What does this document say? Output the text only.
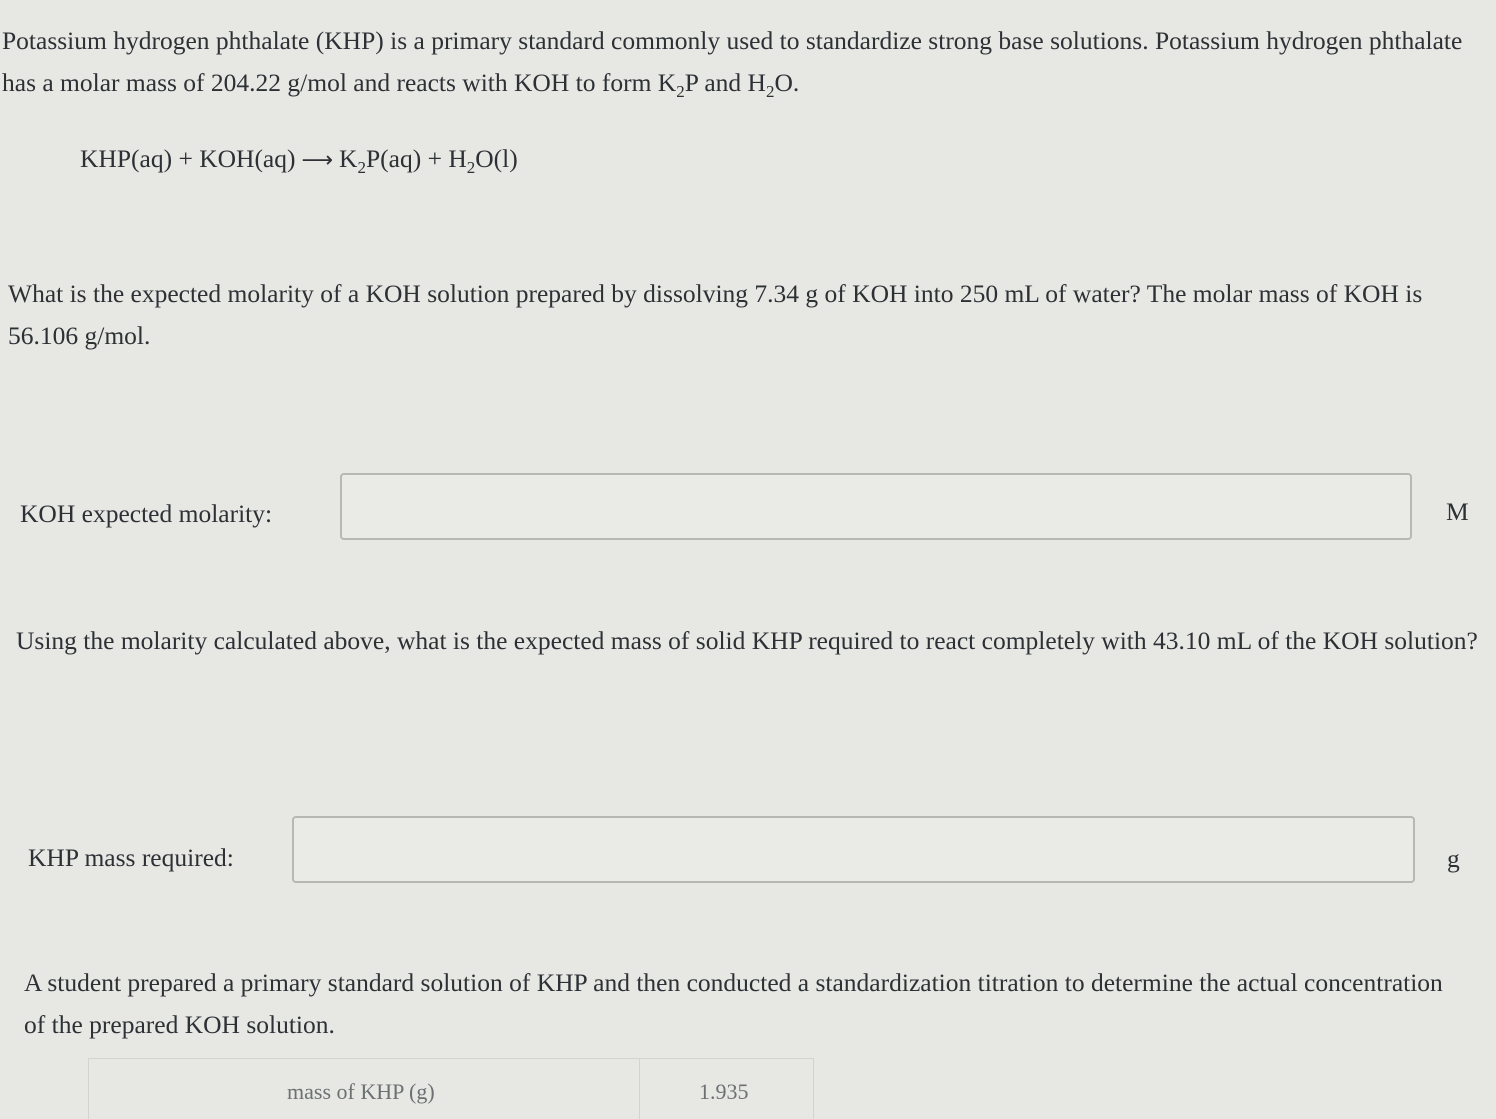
Potassium hydrogen phthalate (KHP) is a primary standard commonly used to standardize strong base solutions. Potassium hydrogen phthalate has a molar mass of 204.22 g/mol and reacts with KOH to form $K_2P$ and $H_2O$.

KHP(aq) + KOH(aq) ⟶ $K_2P(aq) + H_2O(l)$

What is the expected molarity of a KOH solution prepared by dissolving 7.34 g of KOH into 250 mL of water? The molar mass of KOH is 56.106 g/mol.

KOH expected molarity:	M

Using the molarity calculated above, what is the expected mass of solid KHP required to react completely with 43.10 mL of the KOH solution?

KHP mass required:	g

A student prepared a primary standard solution of KHP and then conducted a standardization titration to determine the actual concentration of the prepared KOH solution.

mass of KHP (g)	1.935
